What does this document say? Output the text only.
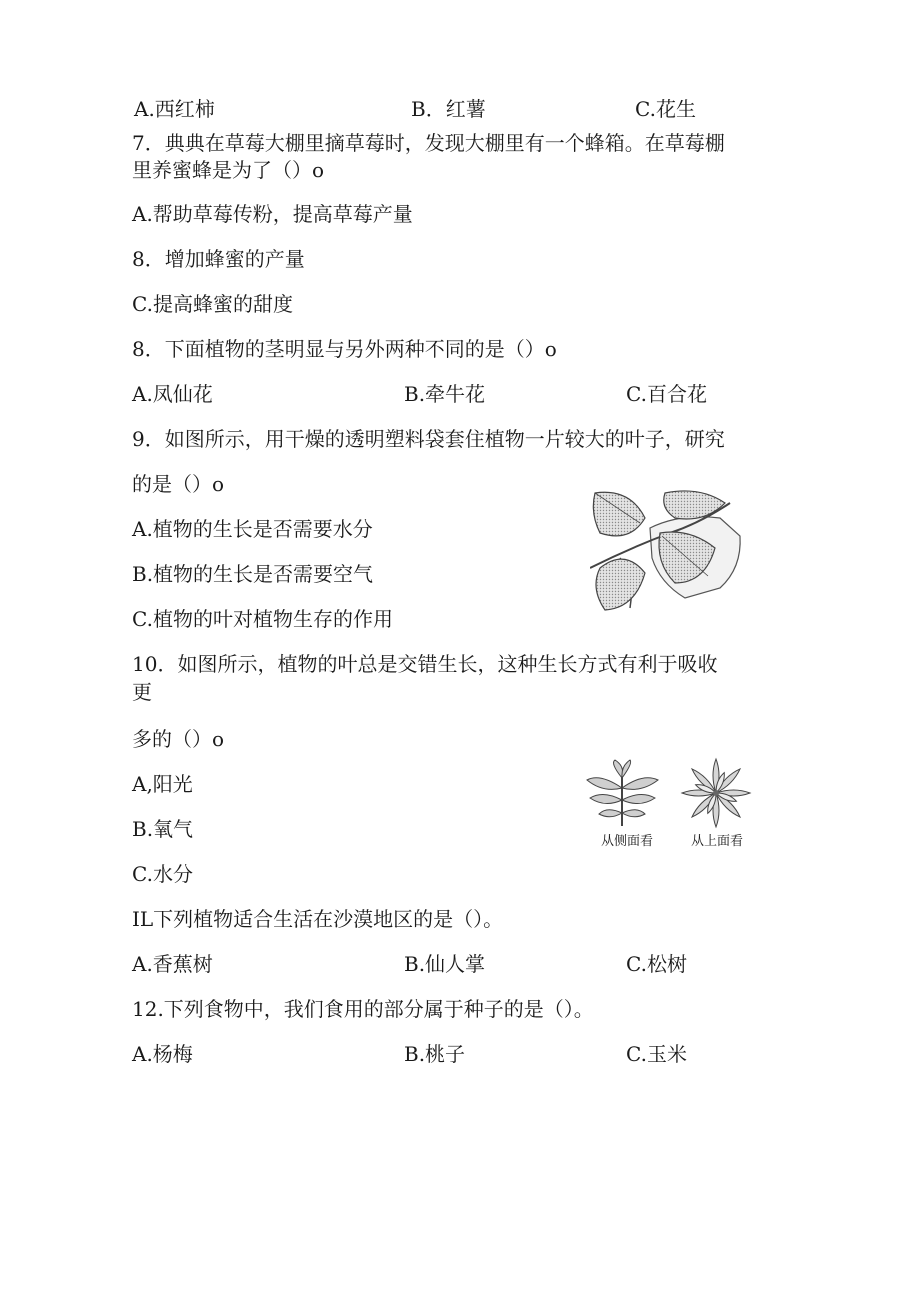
A.西红柿	B．红薯	C.花生
7．典典在草莓大棚里摘草莓时，发现大棚里有一个蜂箱。在草莓棚
里养蜜蜂是为了（）o
A.帮助草莓传粉，提高草莓产量
8．增加蜂蜜的产量
C.提高蜂蜜的甜度
8．下面植物的茎明显与另外两种不同的是（）o
A.凤仙花	B.牵牛花	C.百合花
9．如图所示，用干燥的透明塑料袋套住植物一片较大的叶子，研究
的是（）o
A.植物的生长是否需要水分
B.植物的生长是否需要空气
C.植物的叶对植物生存的作用
10．如图所示，植物的叶总是交错生长，这种生长方式有利于吸收
更
多的（）o
A,阳光
B.氧气
C.水分
从侧面看	从上面看
IL下列植物适合生活在沙漠地区的是（）。
A.香蕉树	B.仙人掌	C.松树
12.下列食物中，我们食用的部分属于种子的是（）。
A.杨梅	B.桃子	C.玉米
